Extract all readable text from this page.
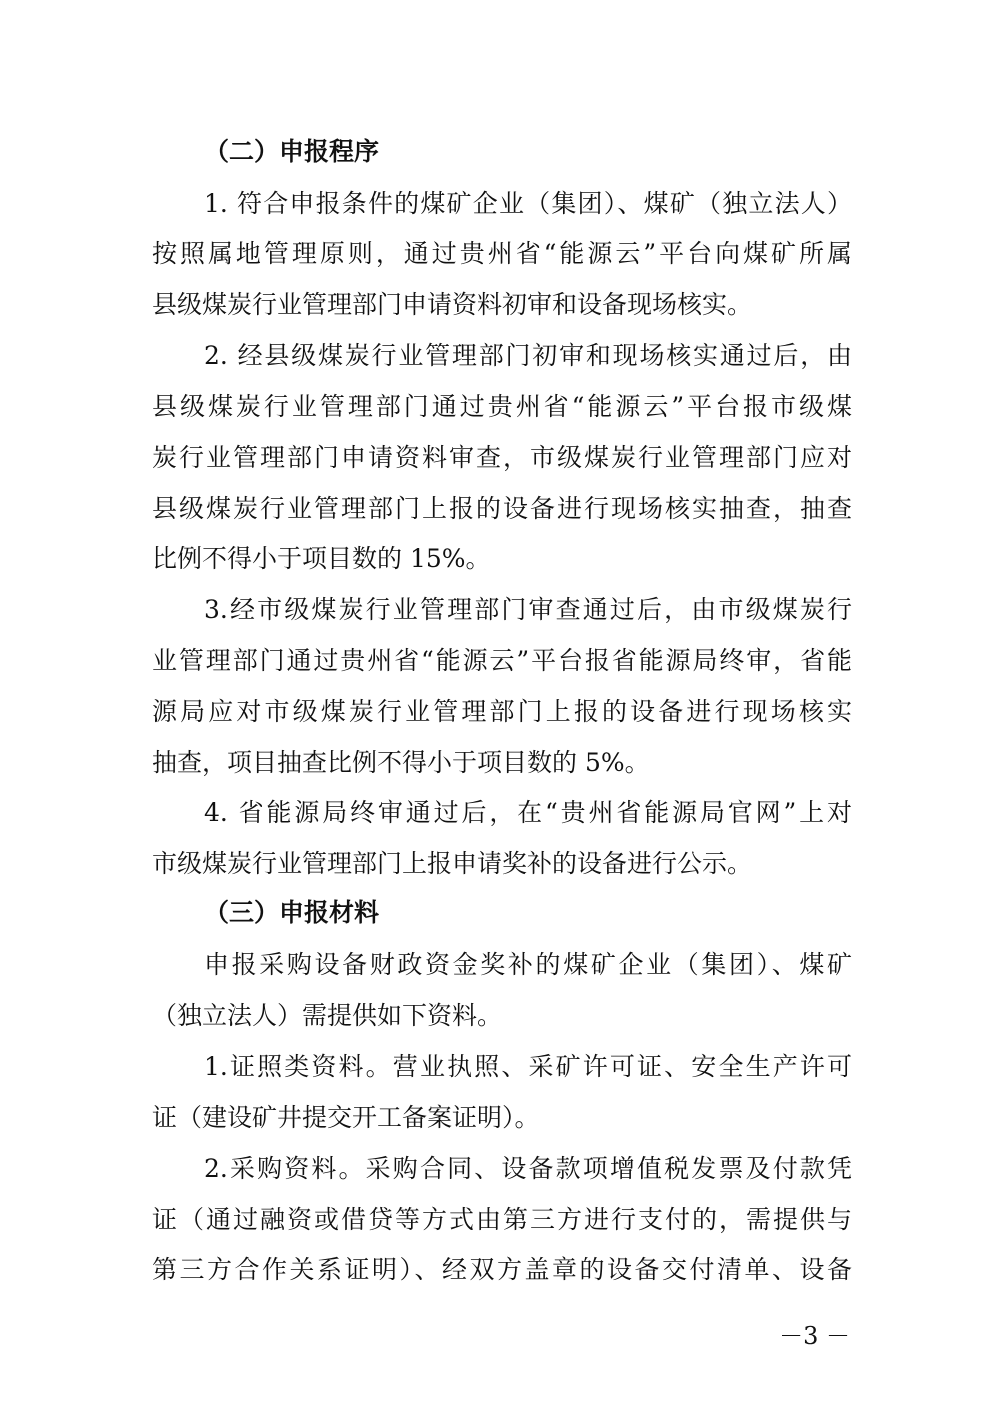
（二）申报程序
1. 符合申报条件的煤矿企业（集团）、煤矿（独立法人）
按照属地管理原则，通过贵州省“能源云”平台向煤矿所属
县级煤炭行业管理部门申请资料初审和设备现场核实。
2. 经县级煤炭行业管理部门初审和现场核实通过后，由
县级煤炭行业管理部门通过贵州省“能源云”平台报市级煤
炭行业管理部门申请资料审查，市级煤炭行业管理部门应对
县级煤炭行业管理部门上报的设备进行现场核实抽查，抽查
比例不得小于项目数的 15%。
3.经市级煤炭行业管理部门审查通过后，由市级煤炭行
业管理部门通过贵州省“能源云”平台报省能源局终审，省能
源局应对市级煤炭行业管理部门上报的设备进行现场核实
抽查，项目抽查比例不得小于项目数的 5%。
4. 省能源局终审通过后，在“贵州省能源局官网”上对
市级煤炭行业管理部门上报申请奖补的设备进行公示。
（三）申报材料
申报采购设备财政资金奖补的煤矿企业（集团）、煤矿
（独立法人）需提供如下资料。
1.证照类资料。营业执照、采矿许可证、安全生产许可
证（建设矿井提交开工备案证明）。
2.采购资料。采购合同、设备款项增值税发票及付款凭
证（通过融资或借贷等方式由第三方进行支付的，需提供与
第三方合作关系证明）、经双方盖章的设备交付清单、设备
－3 －
